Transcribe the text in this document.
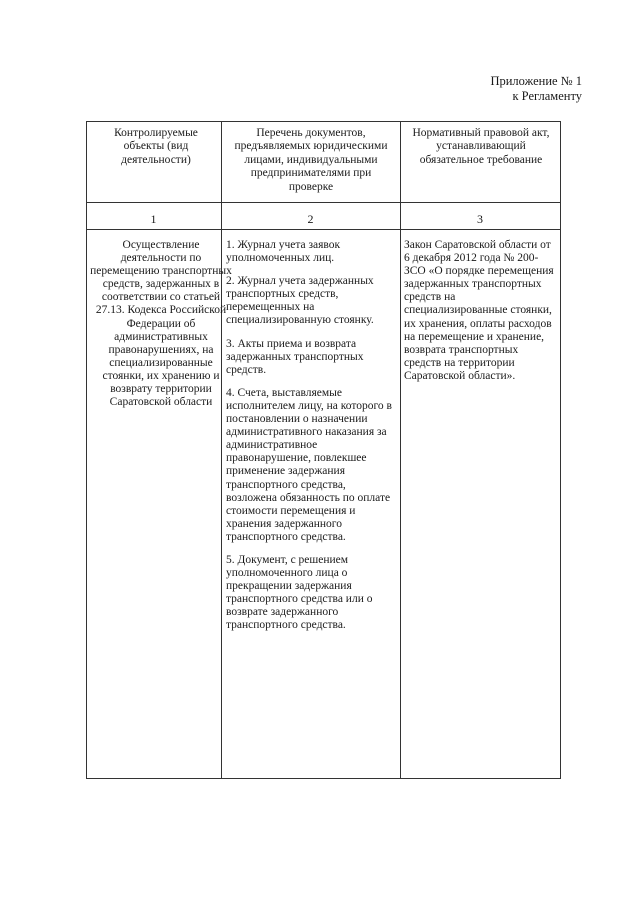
Приложение № 1
к Регламенту
Контролируемые объекты (вид деятельности)
Перечень документов, предъявляемых юридическими лицами, индивидуальными предпринимателями при проверке
Нормативный правовой акт, устанавливающий обязательное требование
1	2	3
Осуществление деятельности по перемещению транспортных средств, задержанных в соответствии со статьей 27.13. Кодекса Российской Федерации об административных правонарушениях, на специализированные стоянки, их хранению и возврату территории Саратовской области

1. Журнал учета заявок уполномоченных лиц.

2. Журнал учета задержанных транспортных средств, перемещенных на специализированную стоянку.

3. Акты приема и возврата задержанных транспортных средств.

4. Счета, выставляемые исполнителем лицу, на которого в постановлении о назначении административного наказания за административное правонарушение, повлекшее применение задержания транспортного средства, возложена обязанность по оплате стоимости перемещения и хранения задержанного транспортного средства.

5. Документ, с решением уполномоченного лица о прекращении задержания транспортного средства или о возврате задержанного транспортного средства.

Закон Саратовской области от 6 декабря 2012 года № 200-ЗСО «О порядке перемещения задержанных транспортных средств на специализированные стоянки, их хранения, оплаты расходов на перемещение и хранение, возврата транспортных средств на территории Саратовской области».
